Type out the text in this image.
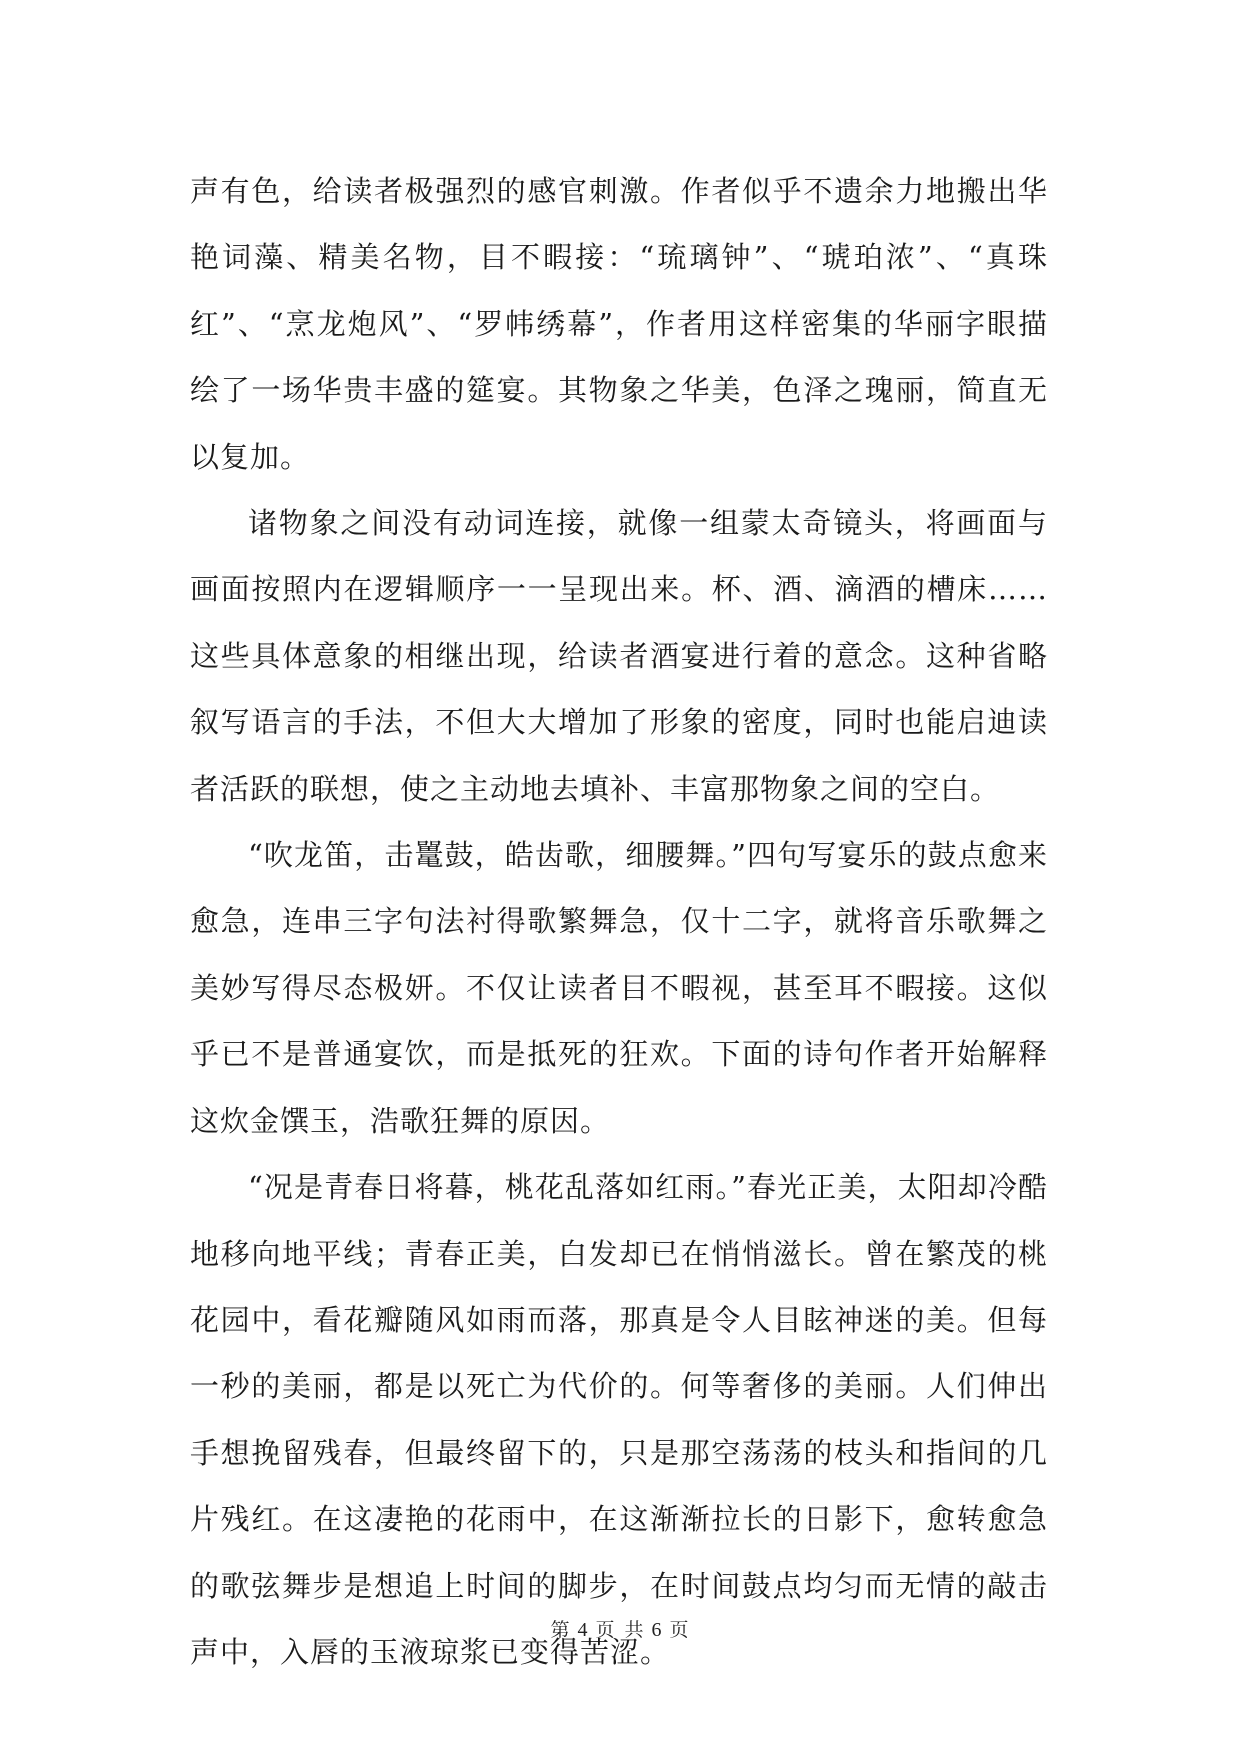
声有色，给读者极强烈的感官刺激。作者似乎不遗余力地搬出华艳词藻、精美名物，目不暇接：“琉璃钟”、“琥珀浓”、“真珠红”、“烹龙炮风”、“罗帏绣幕”，作者用这样密集的华丽字眼描绘了一场华贵丰盛的筵宴。其物象之华美，色泽之瑰丽，简直无以复加。

诸物象之间没有动词连接，就像一组蒙太奇镜头，将画面与画面按照内在逻辑顺序一一呈现出来。杯、酒、滴酒的槽床……这些具体意象的相继出现，给读者酒宴进行着的意念。这种省略叙写语言的手法，不但大大增加了形象的密度，同时也能启迪读者活跃的联想，使之主动地去填补、丰富那物象之间的空白。

“吹龙笛，击鼍鼓，皓齿歌，细腰舞。”四句写宴乐的鼓点愈来愈急，连串三字句法衬得歌繁舞急，仅十二字，就将音乐歌舞之美妙写得尽态极妍。不仅让读者目不暇视，甚至耳不暇接。这似乎已不是普通宴饮，而是抵死的狂欢。下面的诗句作者开始解释这炊金馔玉，浩歌狂舞的原因。

“况是青春日将暮，桃花乱落如红雨。”春光正美，太阳却冷酷地移向地平线；青春正美，白发却已在悄悄滋长。曾在繁茂的桃花园中，看花瓣随风如雨而落，那真是令人目眩神迷的美。但每一秒的美丽，都是以死亡为代价的。何等奢侈的美丽。人们伸出手想挽留残春，但最终留下的，只是那空荡荡的枝头和指间的几片残红。在这凄艳的花雨中，在这渐渐拉长的日影下，愈转愈急的歌弦舞步是想追上时间的脚步，在时间鼓点均匀而无情的敲击声中，入唇的玉液琼浆已变得苦涩。

第 4 页 共 6 页
